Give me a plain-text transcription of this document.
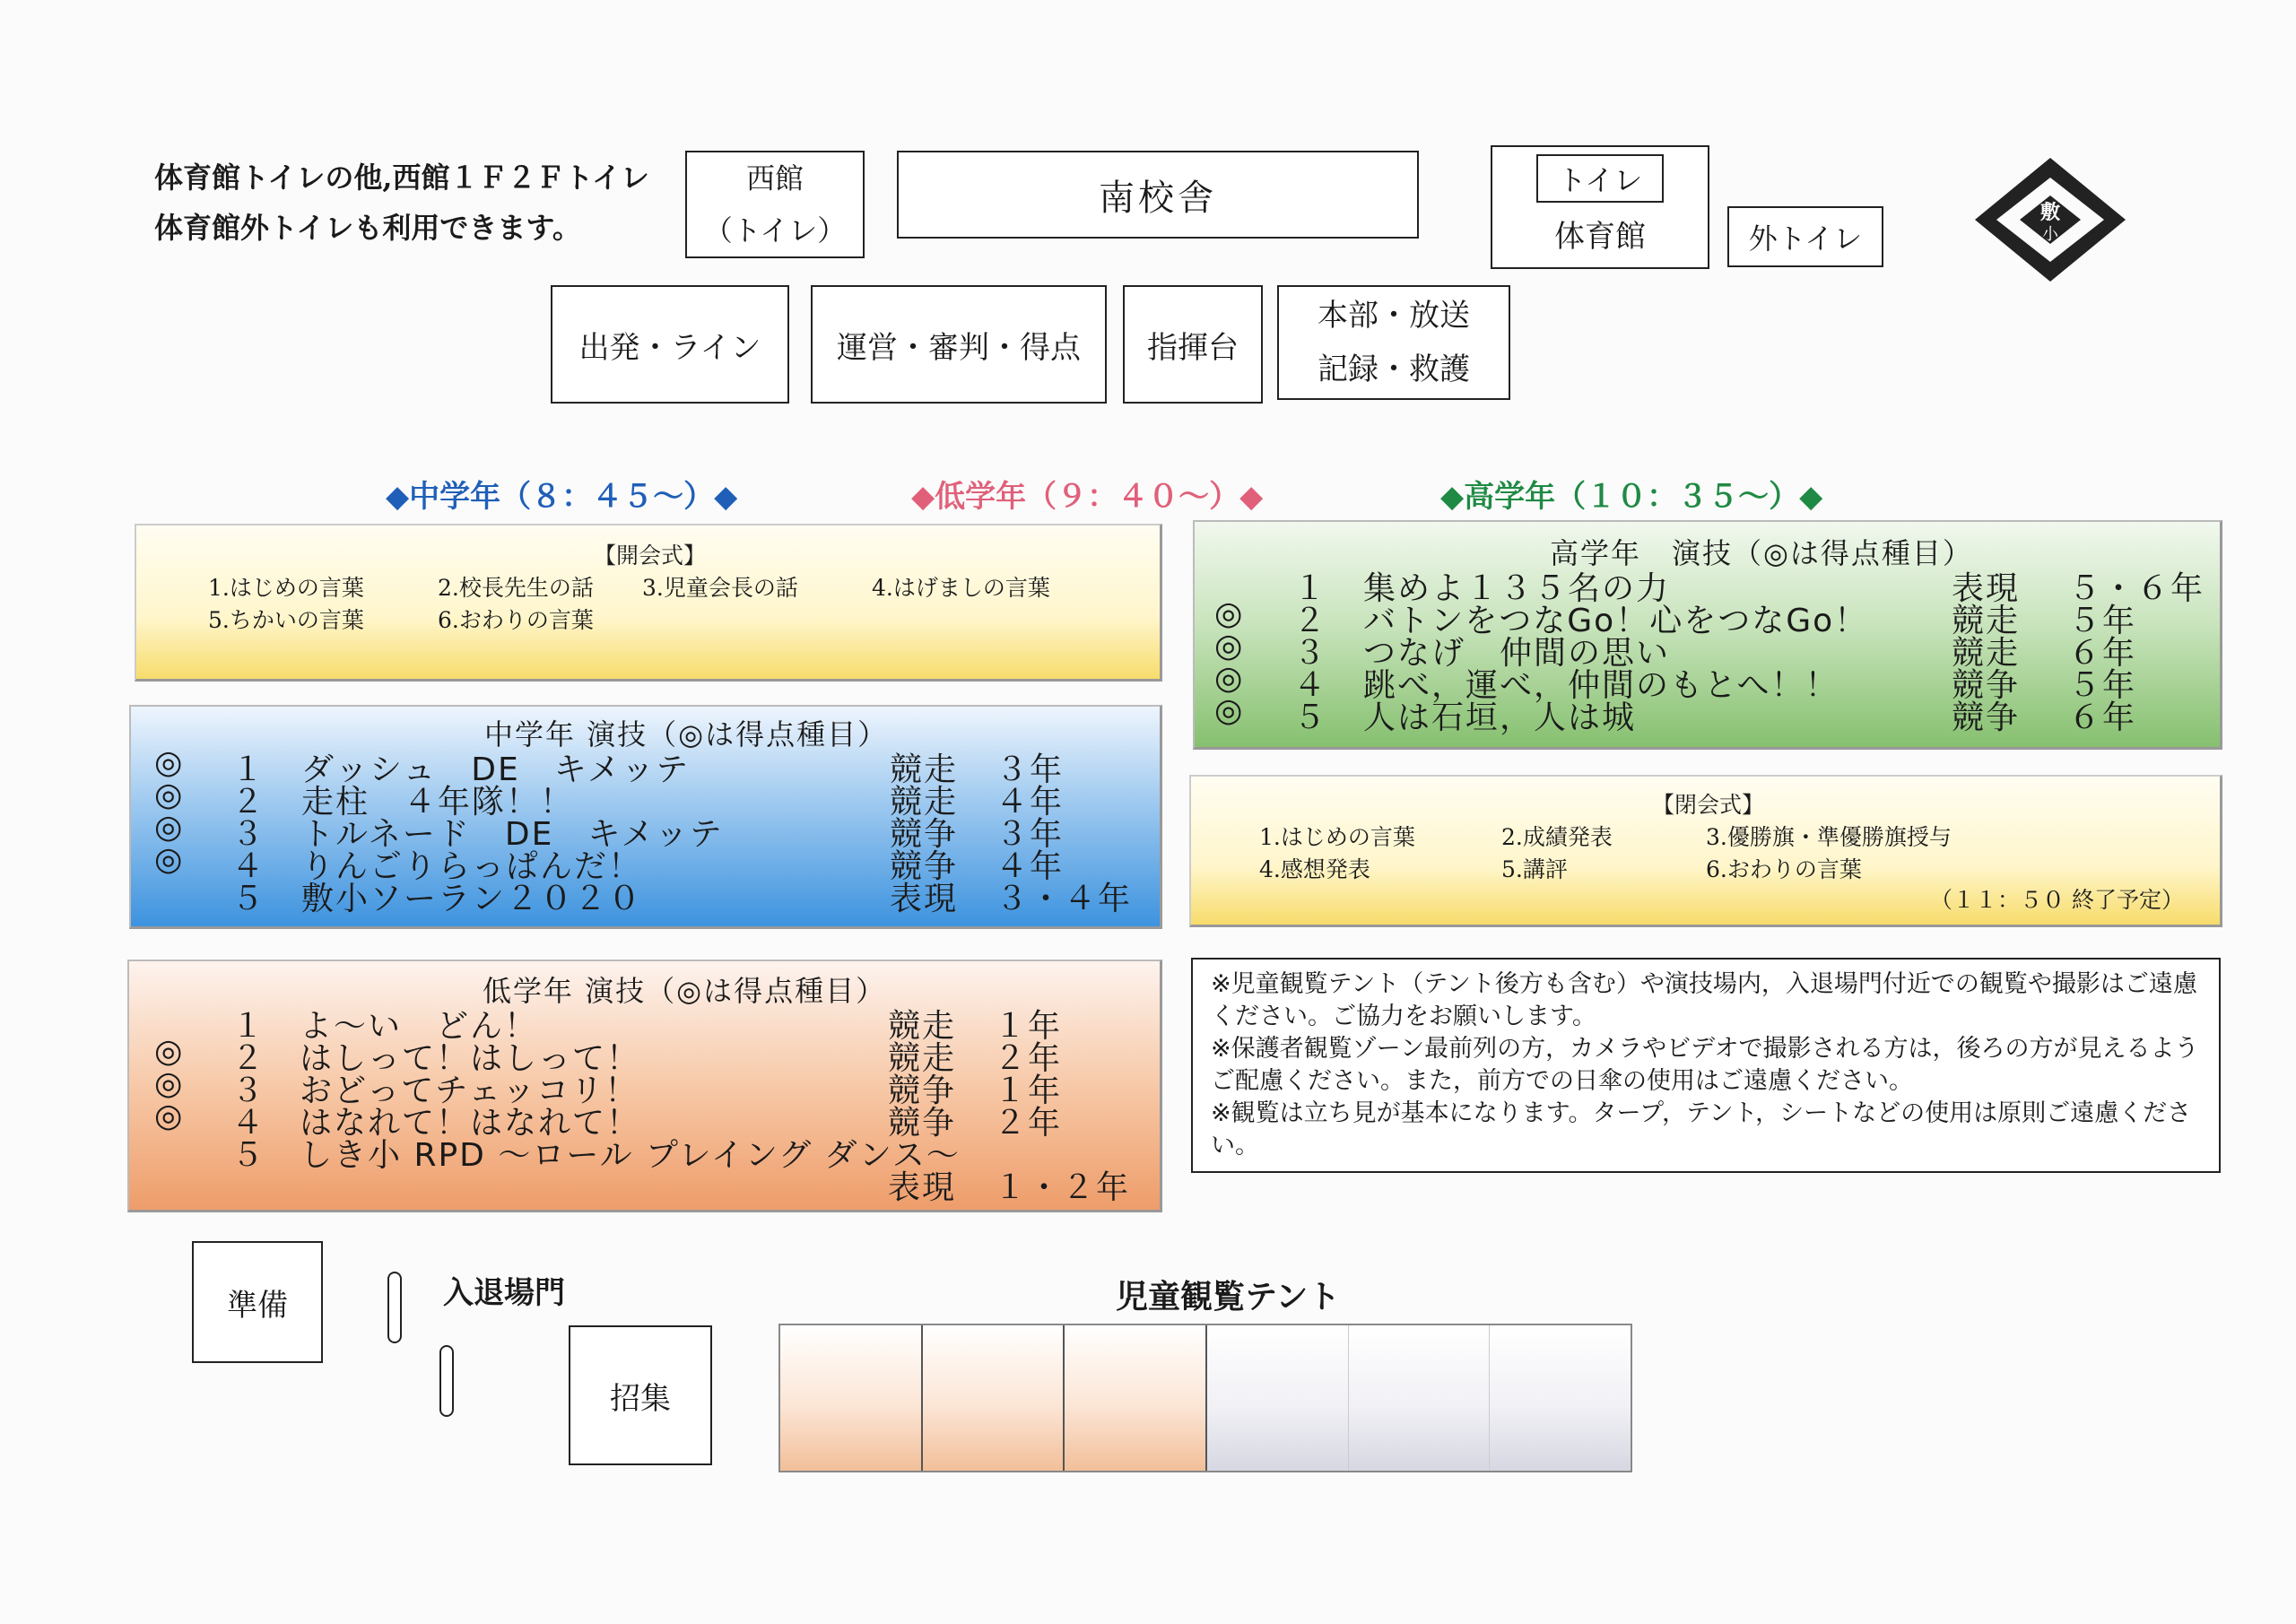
体育館トイレの他,西館１Ｆ２Ｆトイレ
体育館外トイレも利用できます。
西館
（トイレ）
南校舎	トイレ
体育館	外トイレ
敷
小
出発・ライン 運営・審判・得点 指揮台
本部・放送
記録・救護
◆中学年（８：４５〜）◆	◆低学年（９：４０〜）◆	◆高学年（１０：３５〜）◆
【開会式】
1.はじめの言葉	2.校長先生の話 3.児童会長の話	4.はげましの言葉
5.ちかいの言葉	6.おわりの言葉
中学年 演技（◎は得点種目）
◎ １ ダッシュ　DE　キメッテ	競走 ３年
◎ ２ 走柱　４年隊！！	競走 ４年
◎ ３ トルネード　DE　キメッテ	競争 ３年
◎ ４ りんごりらっぱんだ！	競争 ４年
５ 敷小ソーラン２０２０	表現 ３・４年
低学年 演技（◎は得点種目）
１ よ〜い　どん！	競走 １年
◎ ２ はしって！はしって！	競走 ２年
◎ ３ おどってチェッコリ！	競争 １年
◎ ４ はなれて！はなれて！	競争 ２年
５ しき小 RPD 〜ロール プレイング ダンス〜
表現 １・２年
高学年　演技（◎は得点種目）
１ 集めよ１３５名の力	表現 ５・６年
◎ ２ バトンをつなGo！心をつなGo！	競走 ５年
◎ ３ つなげ　仲間の思い	競走 ６年
◎ ４ 跳べ，運べ，仲間のもとへ！！	競争 ５年
◎ ５ 人は石垣，人は城	競争 ６年
【閉会式】
1.はじめの言葉	2.成績発表	3.優勝旗・準優勝旗授与
4.感想発表	5.講評	6.おわりの言葉
（１１：５０ 終了予定）
※児童観覧テント（テント後方も含む）や演技場内，入退場門付近での観覧や撮影はご遠慮ください。ご協力をお願いします。
※保護者観覧ゾーン最前列の方，カメラやビデオで撮影される方は，後ろの方が見えるようご配慮ください。また，前方での日傘の使用はご遠慮ください。
※観覧は立ち見が基本になります。タープ，テント，シートなどの使用は原則ご遠慮ください。
準備	入退場門
招集
児童観覧テント
